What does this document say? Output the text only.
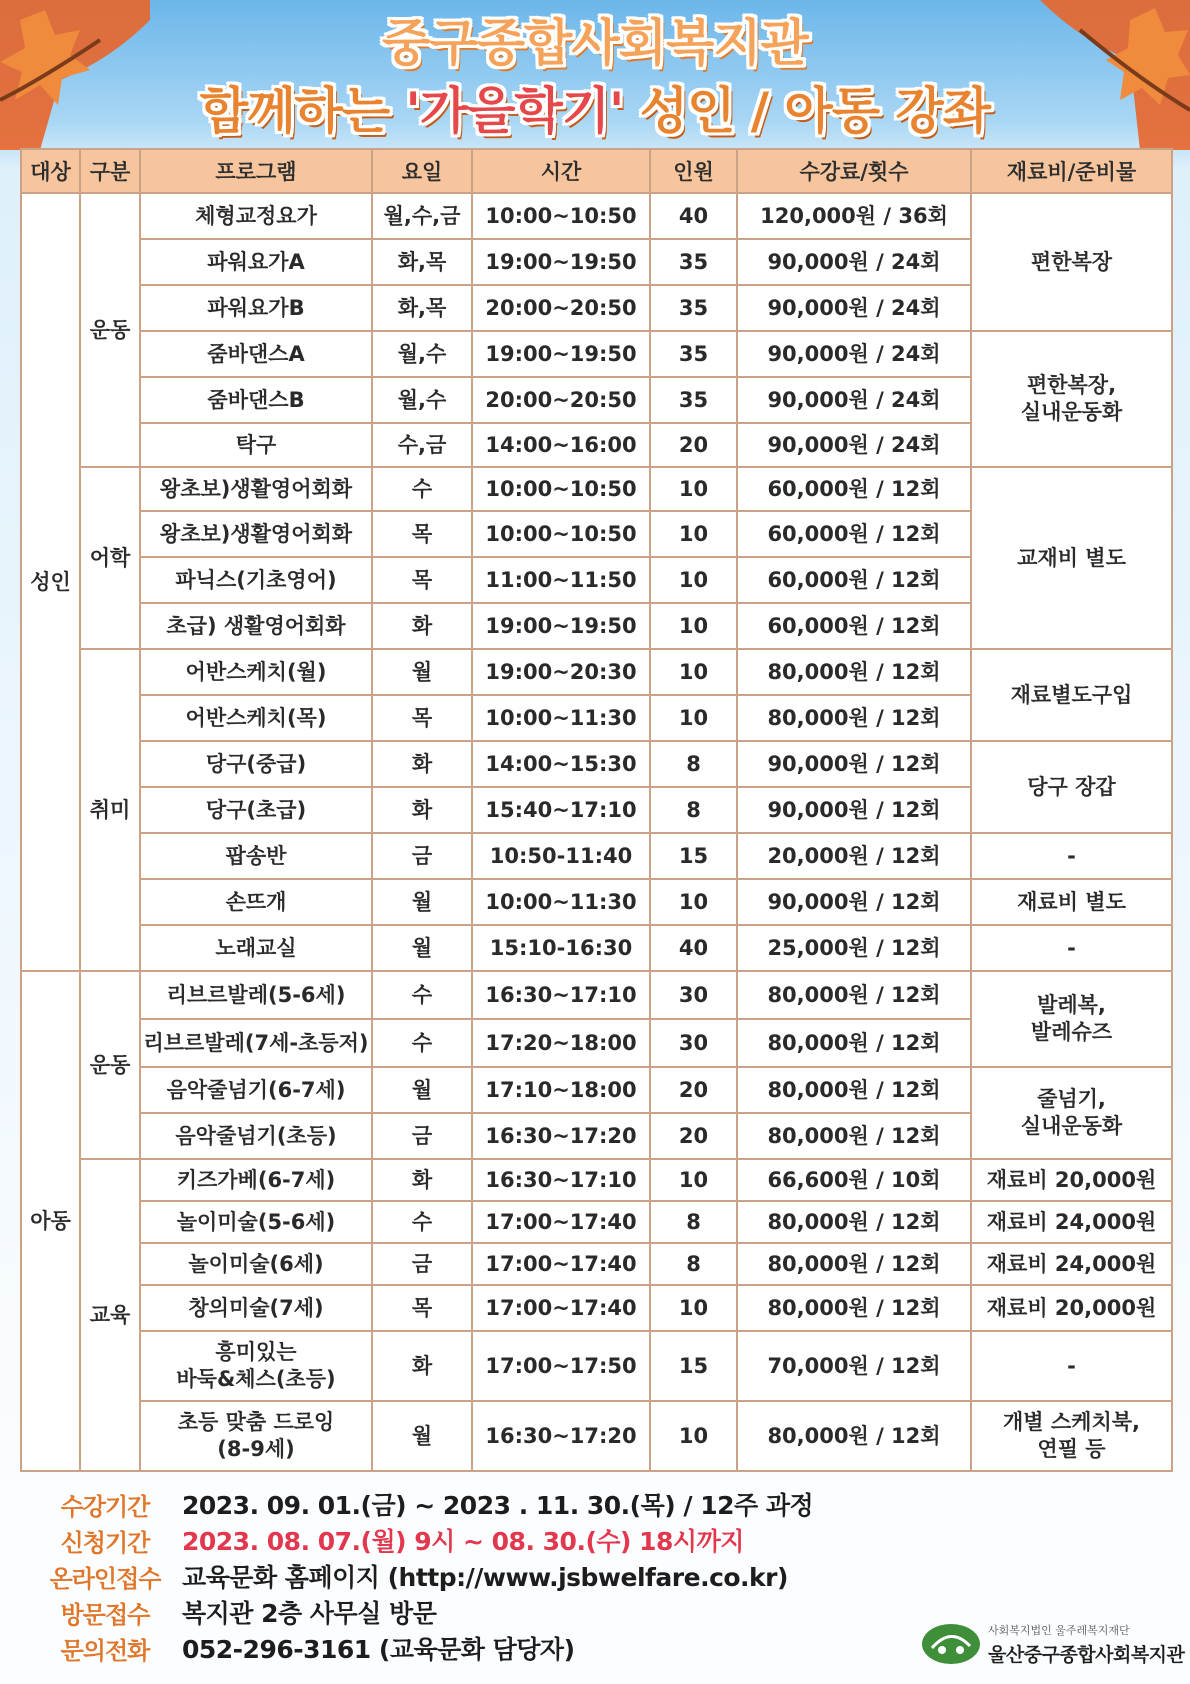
중구종합사회복지관
함께하는 '가을학기' 성인 / 아동 강좌
대상	구분	프로그램	요일	시간	인원	수강료/횟수	재료비/준비물
성인	운동	체형교정요가	월,수,금	10:00~10:50	40	120,000원 / 36회	편한복장
		파워요가A	화,목	19:00~19:50	35	90,000원 / 24회	
		파워요가B	화,목	20:00~20:50	35	90,000원 / 24회	
		줌바댄스A	월,수	19:00~19:50	35	90,000원 / 24회	편한복장,
실내운동화
		줌바댄스B	월,수	20:00~20:50	35	90,000원 / 24회	
		탁구	수,금	14:00~16:00	20	90,000원 / 24회	
	어학	왕초보)생활영어회화	수	10:00~10:50	10	60,000원 / 12회	교재비 별도
		왕초보)생활영어회화	목	10:00~10:50	10	60,000원 / 12회	
		파닉스(기초영어)	목	11:00~11:50	10	60,000원 / 12회	
		초급) 생활영어회화	화	19:00~19:50	10	60,000원 / 12회	
	취미	어반스케치(월)	월	19:00~20:30	10	80,000원 / 12회	재료별도구입
		어반스케치(목)	목	10:00~11:30	10	80,000원 / 12회	
		당구(중급)	화	14:00~15:30	8	90,000원 / 12회	당구 장갑
		당구(초급)	화	15:40~17:10	8	90,000원 / 12회	
		팝송반	금	10:50-11:40	15	20,000원 / 12회	-
		손뜨개	월	10:00~11:30	10	90,000원 / 12회	재료비 별도
		노래교실	월	15:10-16:30	40	25,000원 / 12회	-
아동	운동	리브르발레(5-6세)	수	16:30~17:10	30	80,000원 / 12회	발레복,
발레슈즈
		리브르발레(7세-초등저)	수	17:20~18:00	30	80,000원 / 12회	
		음악줄넘기(6-7세)	월	17:10~18:00	20	80,000원 / 12회	줄넘기,
실내운동화
		음악줄넘기(초등)	금	16:30~17:20	20	80,000원 / 12회	
	교육	키즈가베(6-7세)	화	16:30~17:10	10	66,600원 / 10회	재료비 20,000원
		놀이미술(5-6세)	수	17:00~17:40	8	80,000원 / 12회	재료비 24,000원
		놀이미술(6세)	금	17:00~17:40	8	80,000원 / 12회	재료비 24,000원
		창의미술(7세)	목	17:00~17:40	10	80,000원 / 12회	재료비 20,000원
		흥미있는
바둑&체스(초등)	화	17:00~17:50	15	70,000원 / 12회	-
		초등 맞춤 드로잉
(8-9세)	월	16:30~17:20	10	80,000원 / 12회	개별 스케치북,
연필 등
수강기간	2023. 09. 01.(금) ~ 2023 . 11. 30.(목) / 12주 과정
신청기간	2023. 08. 07.(월) 9시 ~ 08. 30.(수) 18시까지
온라인접수 교육문화 홈페이지 (http://www.jsbwelfare.co.kr)
방문접수	복지관 2층 사무실 방문
문의전화	052-296-3161 (교육문화 담당자)
사회복지법인 울주레복지재단
울산중구종합사회복지관
